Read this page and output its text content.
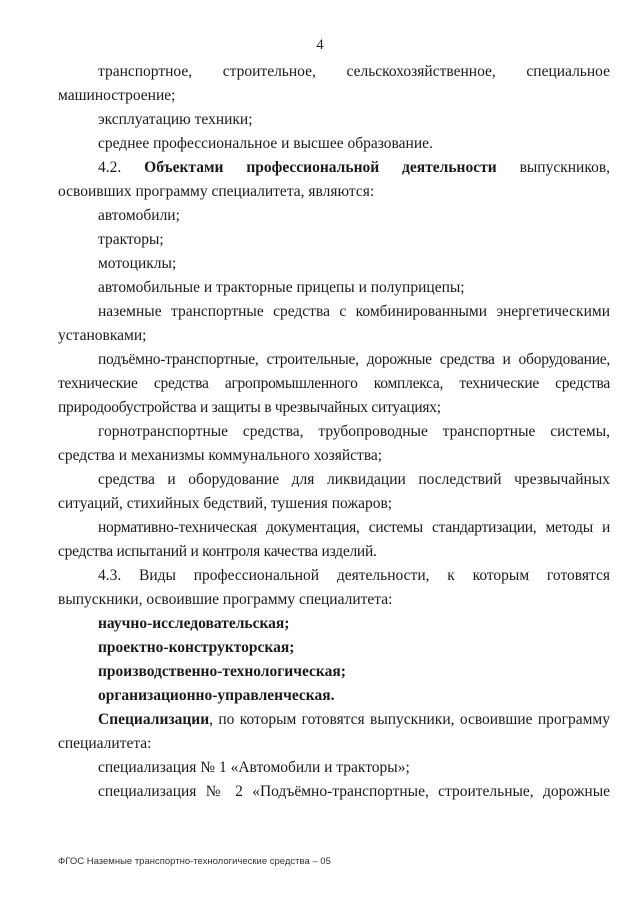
4

транспортное, строительное, сельскохозяйственное, специальное машиностроение;

эксплуатацию техники;

среднее профессиональное и высшее образование.

4.2. Объектами профессиональной деятельности выпускников, освоивших программу специалитета, являются:

автомобили;

тракторы;

мотоциклы;

автомобильные и тракторные прицепы и полуприцепы;

наземные транспортные средства с комбинированными энергетическими установками;

подъёмно-транспортные, строительные, дорожные средства и оборудование, технические средства агропромышленного комплекса, технические средства природообустройства и защиты в чрезвычайных ситуациях;

горнотранспортные средства, трубопроводные транспортные системы, средства и механизмы коммунального хозяйства;

средства и оборудование для ликвидации последствий чрезвычайных ситуаций, стихийных бедствий, тушения пожаров;

нормативно-техническая документация, системы стандартизации, методы и средства испытаний и контроля качества изделий.

4.3. Виды профессиональной деятельности, к которым готовятся выпускники, освоившие программу специалитета:

научно-исследовательская;

проектно-конструкторская;

производственно-технологическая;

организационно-управленческая.

Специализации, по которым готовятся выпускники, освоившие программу специалитета:

специализация № 1 «Автомобили и тракторы»;

специализация № 2 «Подъёмно-транспортные, строительные, дорожные

ФГОС Наземные транспортно-технологические средства – 05
